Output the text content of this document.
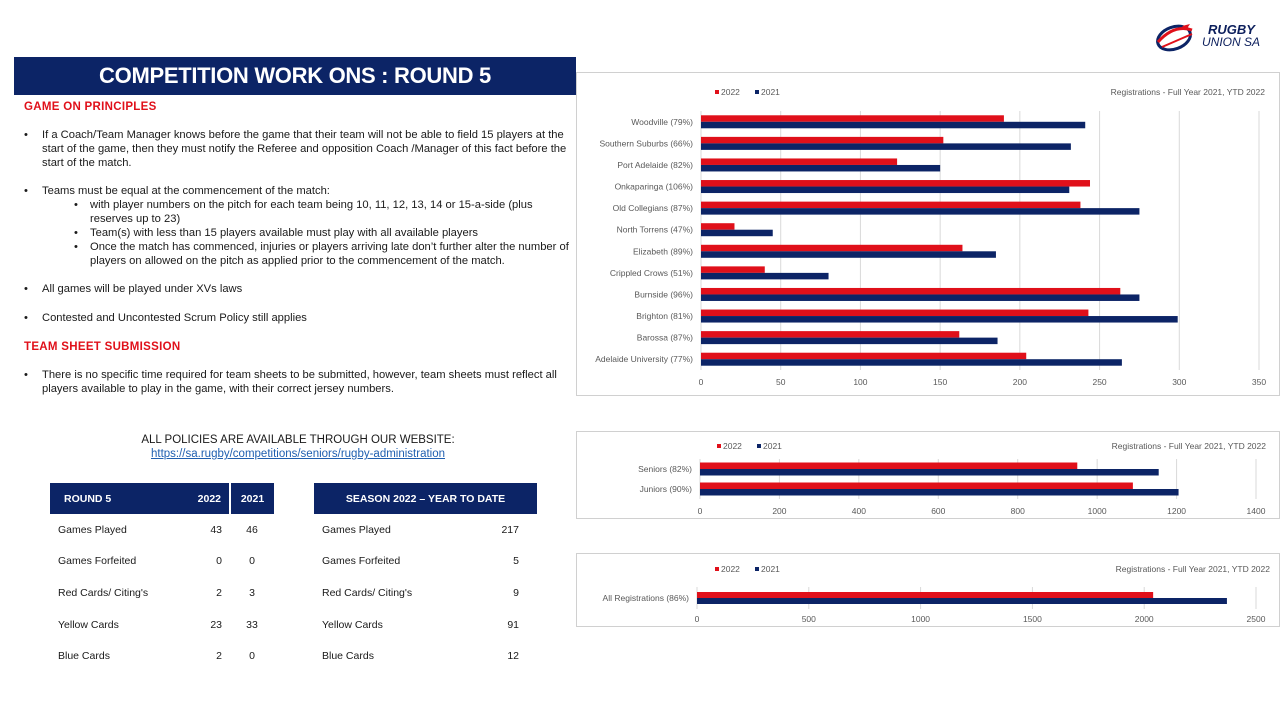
RUGBY
UNION SA
COMPETITION WORK ONS : ROUND 5
GAME ON PRINCIPLES
• If a Coach/Team Manager knows before the game that their team will not be able to field 15 players at the start of the game, then they must notify the Referee and opposition Coach /Manager of this fact before the start of the match.
• Teams must be equal at the commencement of the match:
• with player numbers on the pitch for each team being 10, 11, 12, 13, 14 or 15-a-side (plus reserves up to 23)
• Team(s) with less than 15 players available must play with all available players
• Once the match has commenced, injuries or players arriving late don’t further alter the number of players on allowed on the pitch as applied prior to the commencement of the match.
• All games will be played under XVs laws
• Contested and Uncontested Scrum Policy still applies
TEAM SHEET SUBMISSION
• There is no specific time required for team sheets to be submitted, however, team sheets must reflect all players available to play in the game, with their correct jersey numbers.
ALL POLICIES ARE AVAILABLE THROUGH OUR WEBSITE:
https://sa.rugby/competitions/seniors/rugby-administration
ROUND 5	2022	2021
Games Played	43	46
Games Forfeited	0	0
Red Cards/ Citing's	2	3
Yellow Cards	23	33
Blue Cards	2	0
SEASON 2022 – YEAR TO DATE	
Games Played	217
Games Forfeited	5
Red Cards/ Citing's	9
Yellow Cards	91
Blue Cards	12
2022 2021	Registrations - Full Year 2021, YTD 2022
0	50	100	150	200	250	300	350
Woodville (79%)
Southern Suburbs (66%)
Port Adelaide (82%)
Onkaparinga (106%)
Old Collegians (87%)
North Torrens (47%)
Elizabeth (89%)
Crippled Crows (51%)
Burnside (96%)
Brighton (81%)
Barossa (87%)
Adelaide University (77%)
2022 2021	Registrations - Full Year 2021, YTD 2022
0	200	400	600	800	1000	1200	1400
Seniors (82%)
Juniors (90%)
2022 2021	Registrations - Full Year 2021, YTD 2022
0	500	1000	1500	2000	2500
All Registrations (86%)
